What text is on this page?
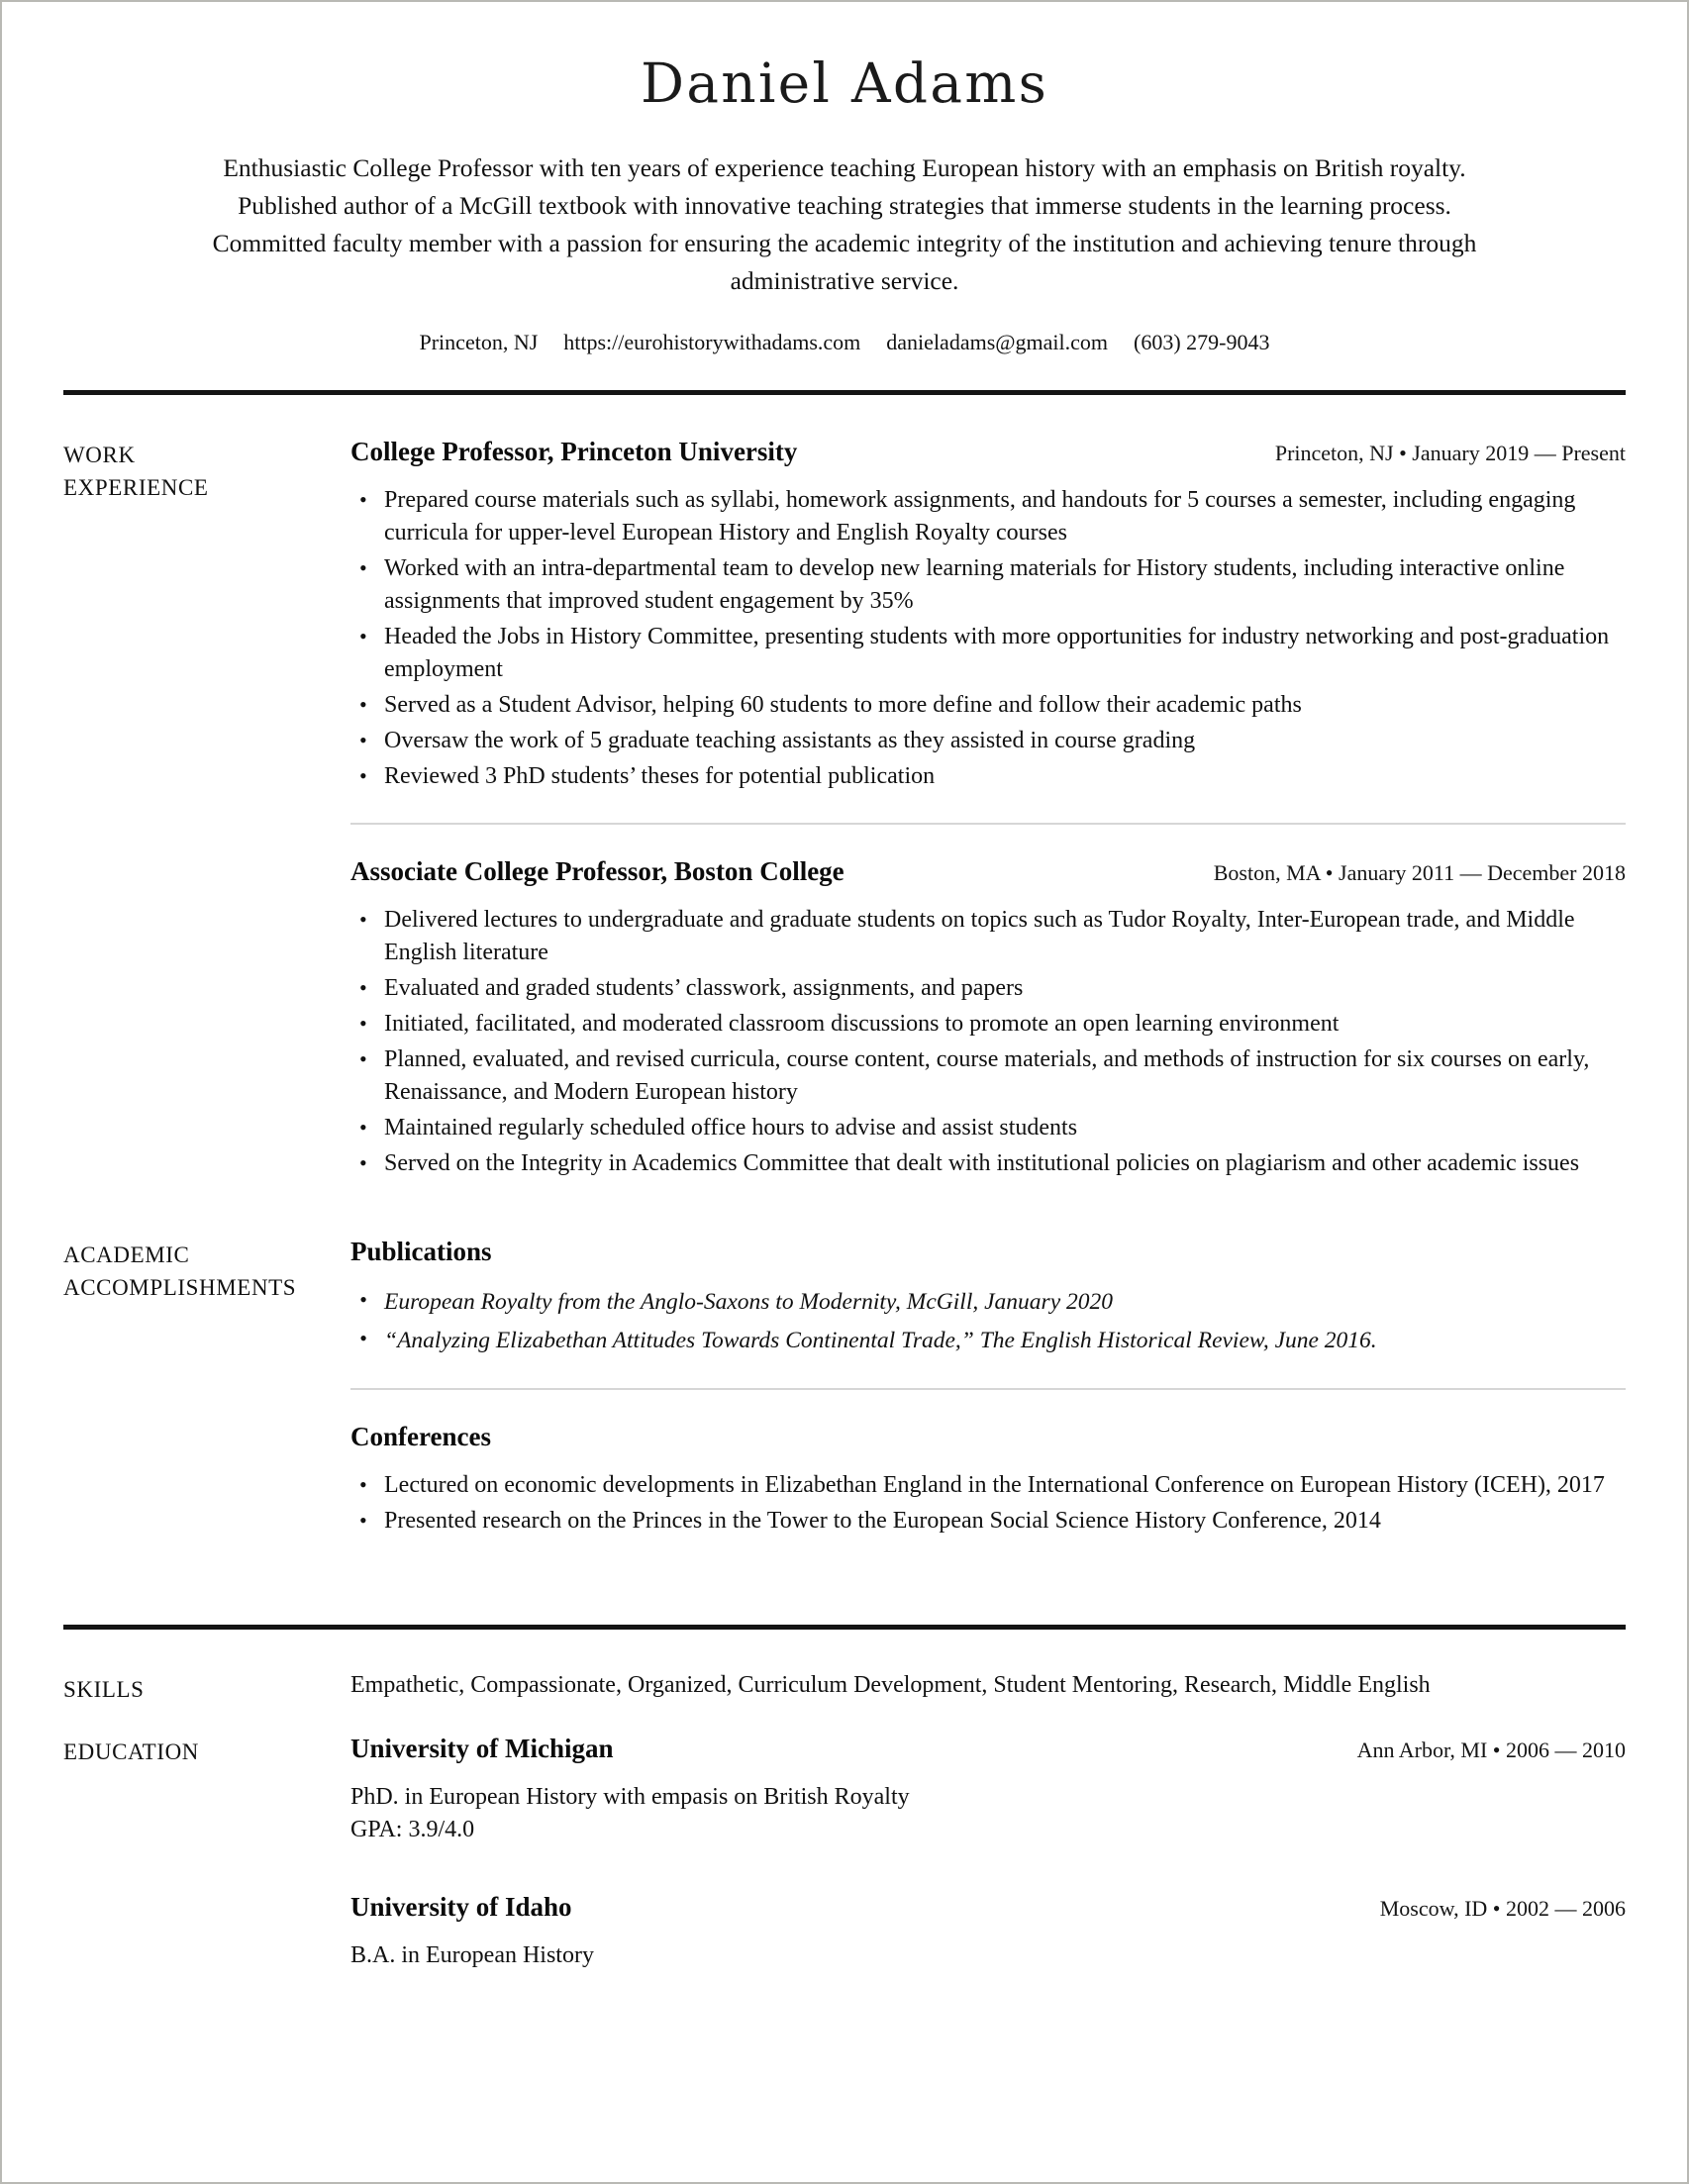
Daniel Adams
Enthusiastic College Professor with ten years of experience teaching European history with an emphasis on British royalty. Published author of a McGill textbook with innovative teaching strategies that immerse students in the learning process. Committed faculty member with a passion for ensuring the academic integrity of the institution and achieving tenure through administrative service.
Princeton, NJ https://eurohistorywithadams.com danieladams@gmail.com (603) 279-9043
WORK
EXPERIENCE
College Professor, Princeton University	Princeton, NJ • January 2019 — Present
• Prepared course materials such as syllabi, homework assignments, and handouts for 5 courses a semester, including engaging curricula for upper-level European History and English Royalty courses
• Worked with an intra-departmental team to develop new learning materials for History students, including interactive online assignments that improved student engagement by 35%
• Headed the Jobs in History Committee, presenting students with more opportunities for industry networking and post-graduation employment
• Served as a Student Advisor, helping 60 students to more define and follow their academic paths
• Oversaw the work of 5 graduate teaching assistants as they assisted in course grading
• Reviewed 3 PhD students’ theses for potential publication
Associate College Professor, Boston College	Boston, MA • January 2011 — December 2018
• Delivered lectures to undergraduate and graduate students on topics such as Tudor Royalty, Inter-European trade, and Middle English literature
• Evaluated and graded students’ classwork, assignments, and papers
• Initiated, facilitated, and moderated classroom discussions to promote an open learning environment
• Planned, evaluated, and revised curricula, course content, course materials, and methods of instruction for six courses on early, Renaissance, and Modern European history
• Maintained regularly scheduled office hours to advise and assist students
• Served on the Integrity in Academics Committee that dealt with institutional policies on plagiarism and other academic issues
ACADEMIC
ACCOMPLISHMENTS
Publications
• European Royalty from the Anglo-Saxons to Modernity, McGill, January 2020
• “Analyzing Elizabethan Attitudes Towards Continental Trade,” The English Historical Review, June 2016.
Conferences
• Lectured on economic developments in Elizabethan England in the International Conference on European History (ICEH), 2017
• Presented research on the Princes in the Tower to the European Social Science History Conference, 2014
SKILLS	Empathetic, Compassionate, Organized, Curriculum Development, Student Mentoring, Research, Middle English
EDUCATION	University of Michigan	Ann Arbor, MI • 2006 — 2010
PhD. in European History with empasis on British Royalty
GPA: 3.9/4.0
University of Idaho	Moscow, ID • 2002 — 2006
B.A. in European History
